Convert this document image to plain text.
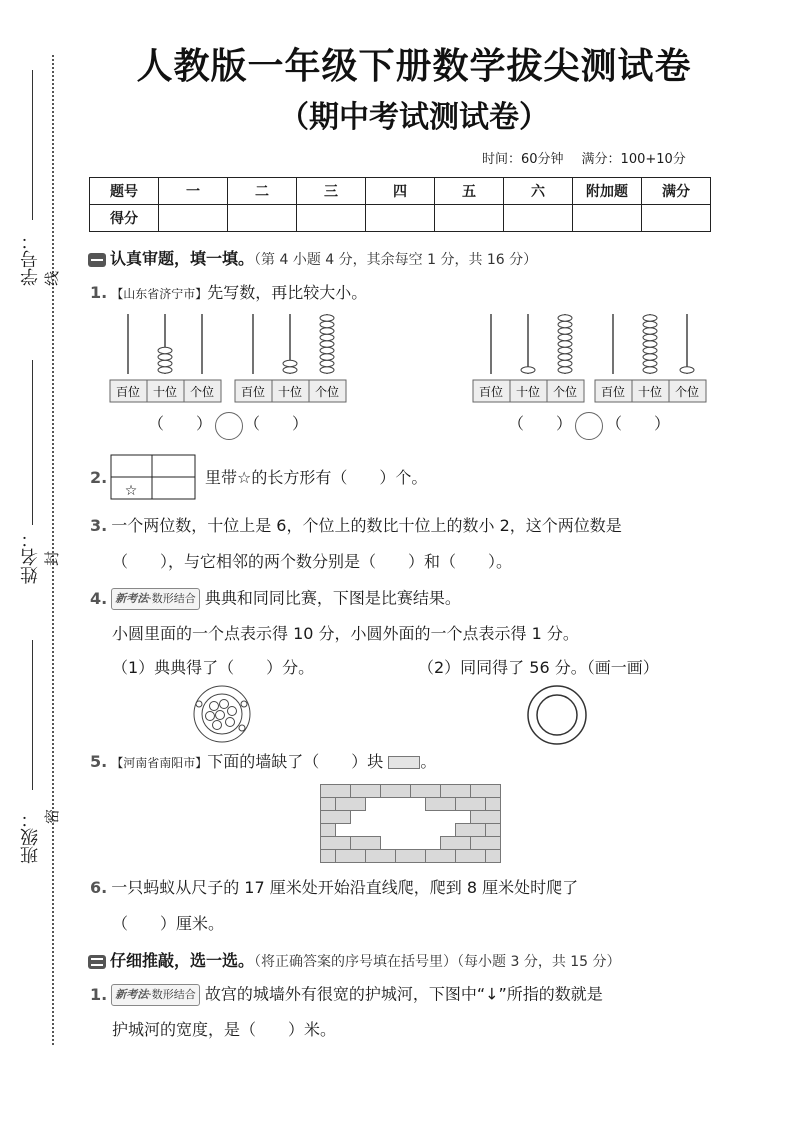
学号：
姓名：
班级：
线
封
密
人教版一年级下册数学拔尖测试卷
（期中考试测试卷）
时间：60分钟 满分：100+10分
题号	一	二	三	四	五	六	附加题	满分
得分								
认真审题，填一填。（第 4 小题 4 分，其余每空 1 分，共 16 分）
1. 【山东省济宁市】先写数，再比较大小。
百位 十位 个位 百位 十位 个位	百位 十位 个位 百位 十位 个位
（　　） （　　）	（　　） （　　）
2.
☆
里带☆的长方形有（　　）个。
3. 一个两位数，十位上是 6，个位上的数比十位上的数小 2，这个两位数是
（　　），与它相邻的两个数分别是（　　）和（　　）。
4. 新考法·数形结合 典典和同同比赛，下图是比赛结果。
小圆里面的一个点表示得 10 分，小圆外面的一个点表示得 1 分。
（1）典典得了（　　）分。	（2）同同得了 56 分。（画一画）
5. 【河南省南阳市】下面的墙缺了（　　）块 。
6. 一只蚂蚁从尺子的 17 厘米处开始沿直线爬，爬到 8 厘米处时爬了
（　　）厘米。
仔细推敲，选一选。（将正确答案的序号填在括号里）（每小题 3 分，共 15 分）
1. 新考法·数形结合 故宫的城墙外有很宽的护城河，下图中“↓”所指的数就是
护城河的宽度，是（　　）米。
